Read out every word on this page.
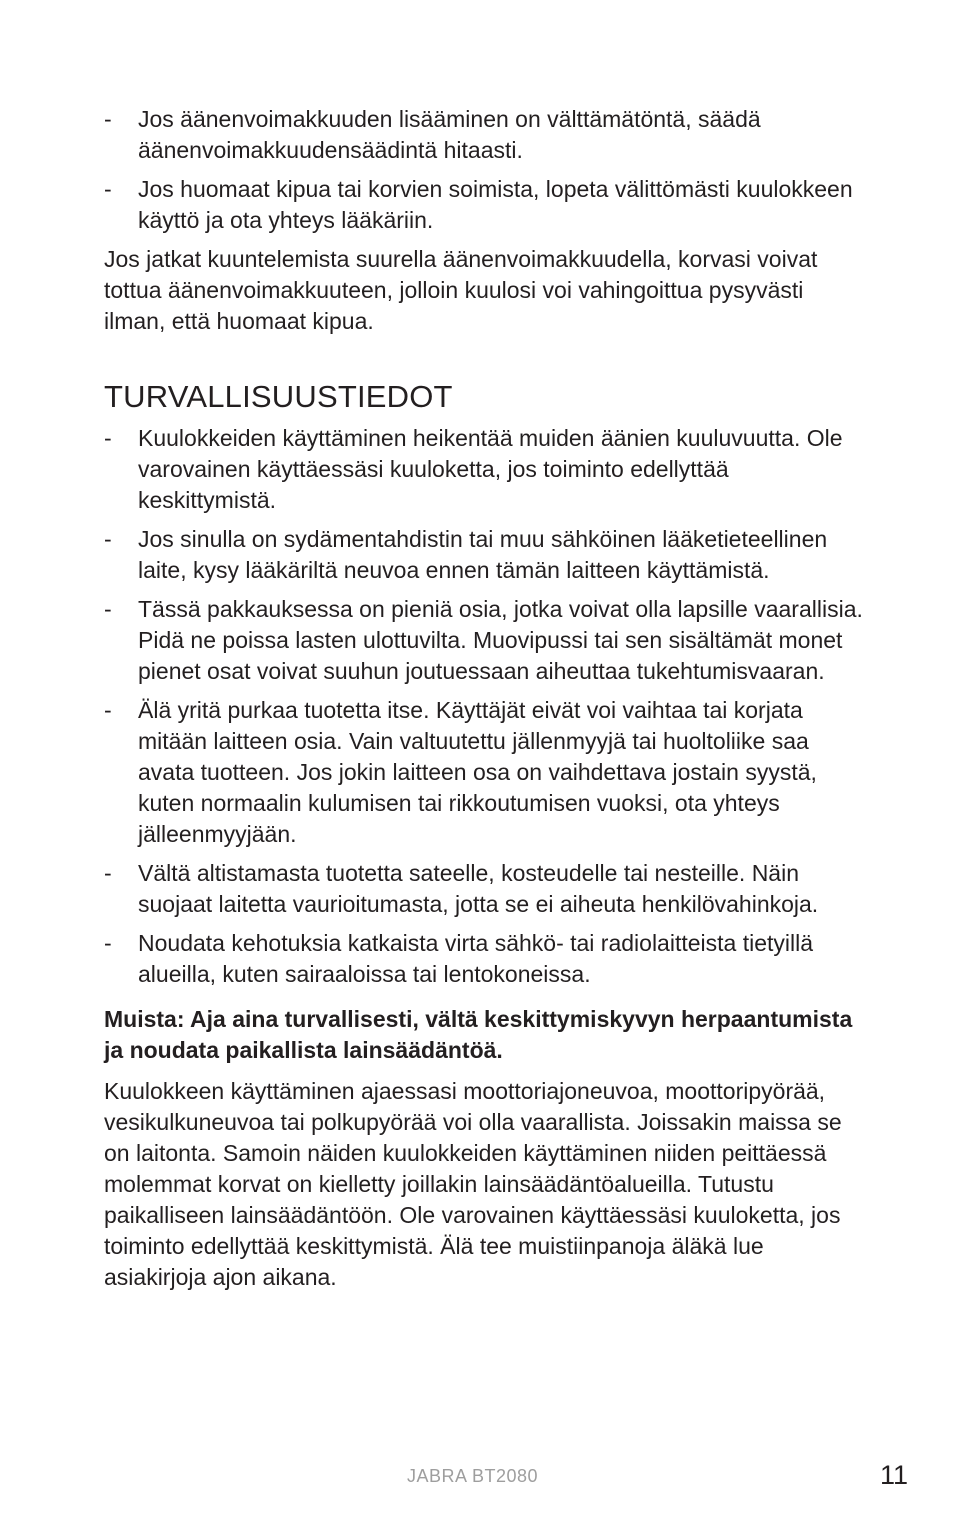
- Jos äänenvoimakkuuden lisääminen on välttämätöntä, säädä äänenvoimakkuudensäädintä hitaasti.
- Jos huomaat kipua tai korvien soimista, lopeta välittömästi kuulokkeen käyttö ja ota yhteys lääkäriin.

Jos jatkat kuuntelemista suurella äänenvoimakkuudella, korvasi voivat tottua äänenvoimakkuuteen, jolloin kuulosi voi vahingoittua pysyvästi ilman, että huomaat kipua.

TURVALLISUUSTIEDOT
- Kuulokkeiden käyttäminen heikentää muiden äänien kuuluvuutta. Ole varovainen käyttäessäsi kuuloketta, jos toiminto edellyttää keskittymistä.
- Jos sinulla on sydämentahdistin tai muu sähköinen lääketieteellinen laite, kysy lääkäriltä neuvoa ennen tämän laitteen käyttämistä.
- Tässä pakkauksessa on pieniä osia, jotka voivat olla lapsille vaarallisia. Pidä ne poissa lasten ulottuvilta. Muovipussi tai sen sisältämät monet pienet osat voivat suuhun joutuessaan aiheuttaa tukehtumisvaaran.
- Älä yritä purkaa tuotetta itse. Käyttäjät eivät voi vaihtaa tai korjata mitään laitteen osia. Vain valtuutettu jällenmyyjä tai huoltoliike saa avata tuotteen. Jos jokin laitteen osa on vaihdettava jostain syystä, kuten normaalin kulumisen tai rikkoutumisen vuoksi, ota yhteys jälleenmyyjään.
- Vältä altistamasta tuotetta sateelle, kosteudelle tai nesteille. Näin suojaat laitetta vaurioitumasta, jotta se ei aiheuta henkilövahinkoja.
- Noudata kehotuksia katkaista virta sähkö- tai radiolaitteista tietyillä alueilla, kuten sairaaloissa tai lentokoneissa.

Muista: Aja aina turvallisesti, vältä keskittymiskyvyn herpaantumista ja noudata paikallista lainsäädäntöä.

Kuulokkeen käyttäminen ajaessasi moottoriajoneuvoa, moottoripyörää, vesikulkuneuvoa tai polkupyörää voi olla vaarallista. Joissakin maissa se on laitonta. Samoin näiden kuulokkeiden käyttäminen niiden peittäessä molemmat korvat on kielletty joillakin lainsäädäntöalueilla. Tutustu paikalliseen lainsäädäntöön. Ole varovainen käyttäessäsi kuuloketta, jos toiminto edellyttää keskittymistä. Älä tee muistiinpanoja äläkä lue asiakirjoja ajon aikana.

JABRA BT2080	11
